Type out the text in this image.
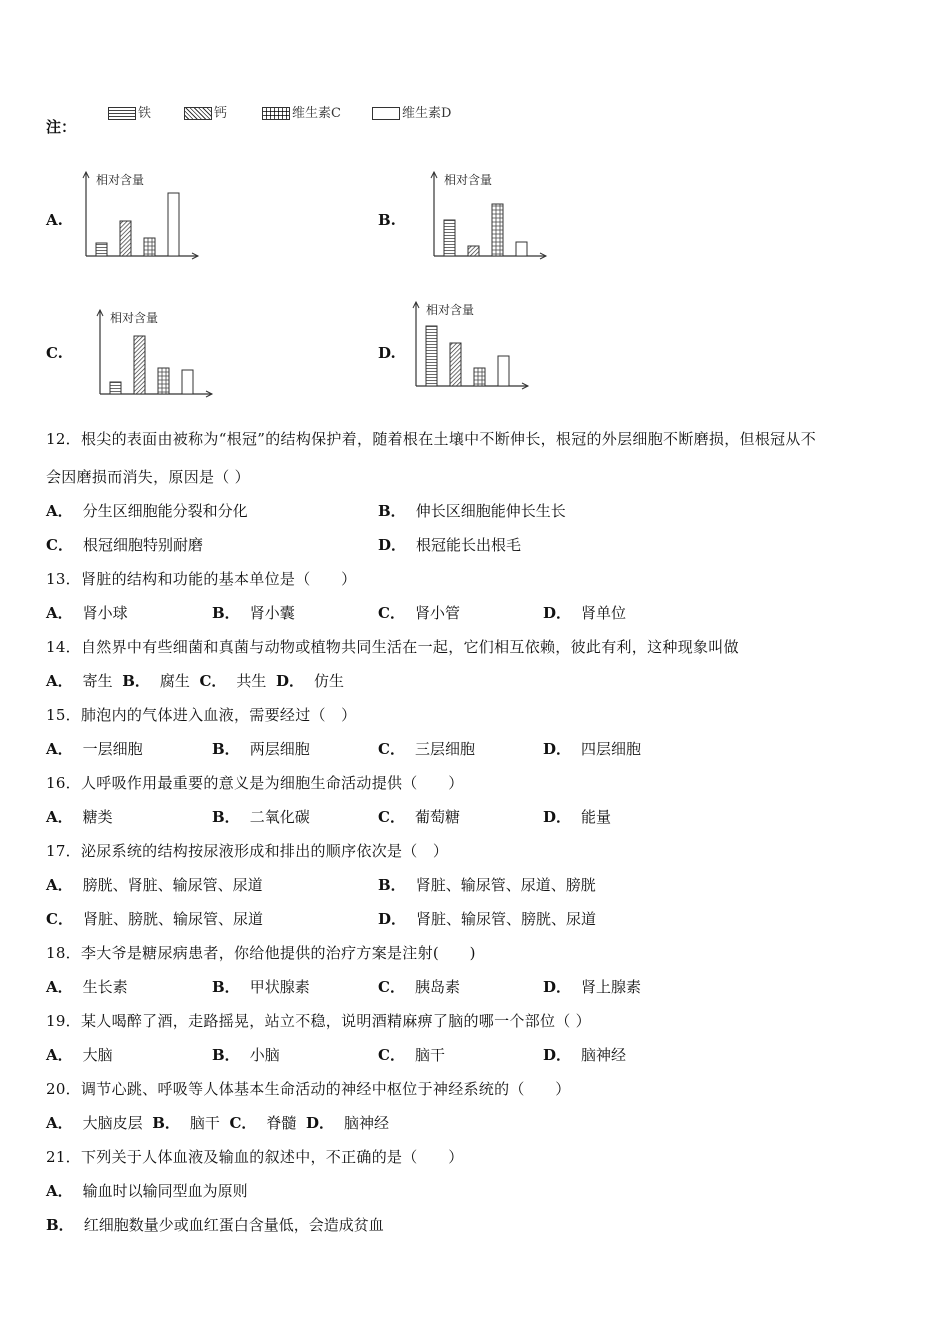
注：
铁	钙	维生素C	维生素D
A.	B.
C.	D.
相对含量	相对含量
相对含量
相对含量
12．根尖的表面由被称为“根冠”的结构保护着，随着根在土壤中不断伸长，根冠的外层细胞不断磨损，但根冠从不
会因磨损而消失，原因是（ ）
A． 分生区细胞能分裂和分化	B． 伸长区细胞能伸长生长
C． 根冠细胞特别耐磨	D． 根冠能长出根毛
13．肾脏的结构和功能的基本单位是（　　）
A． 肾小球	B． 肾小囊	C． 肾小管	D． 肾单位
14．自然界中有些细菌和真菌与动物或植物共同生活在一起，它们相互依赖，彼此有利，这种现象叫做
A． 寄生 B． 腐生 C． 共生 D． 仿生
15．肺泡内的气体进入血液，需要经过（　）
A． 一层细胞	B． 两层细胞	C． 三层细胞	D． 四层细胞
16．人呼吸作用最重要的意义是为细胞生命活动提供（　　）
A． 糖类	B． 二氧化碳	C． 葡萄糖	D． 能量
17．泌尿系统的结构按尿液形成和排出的顺序依次是（　）
A． 膀胱、肾脏、输尿管、尿道	B． 肾脏、输尿管、尿道、膀胱
C． 肾脏、膀胱、输尿管、尿道	D． 肾脏、输尿管、膀胱、尿道
18．李大爷是糖尿病患者，你给他提供的治疗方案是注射(　　)
A． 生长素	B． 甲状腺素	C． 胰岛素	D． 肾上腺素
19．某人喝醉了酒，走路摇晃，站立不稳，说明酒精麻痹了脑的哪一个部位（ ）
A． 大脑	B． 小脑	C． 脑干	D． 脑神经
20．调节心跳、呼吸等人体基本生命活动的神经中枢位于神经系统的（　　）
A． 大脑皮层 B． 脑干 C． 脊髓 D． 脑神经
21．下列关于人体血液及输血的叙述中，不正确的是（　　）
A． 输血时以输同型血为原则
B． 红细胞数量少或血红蛋白含量低，会造成贫血
